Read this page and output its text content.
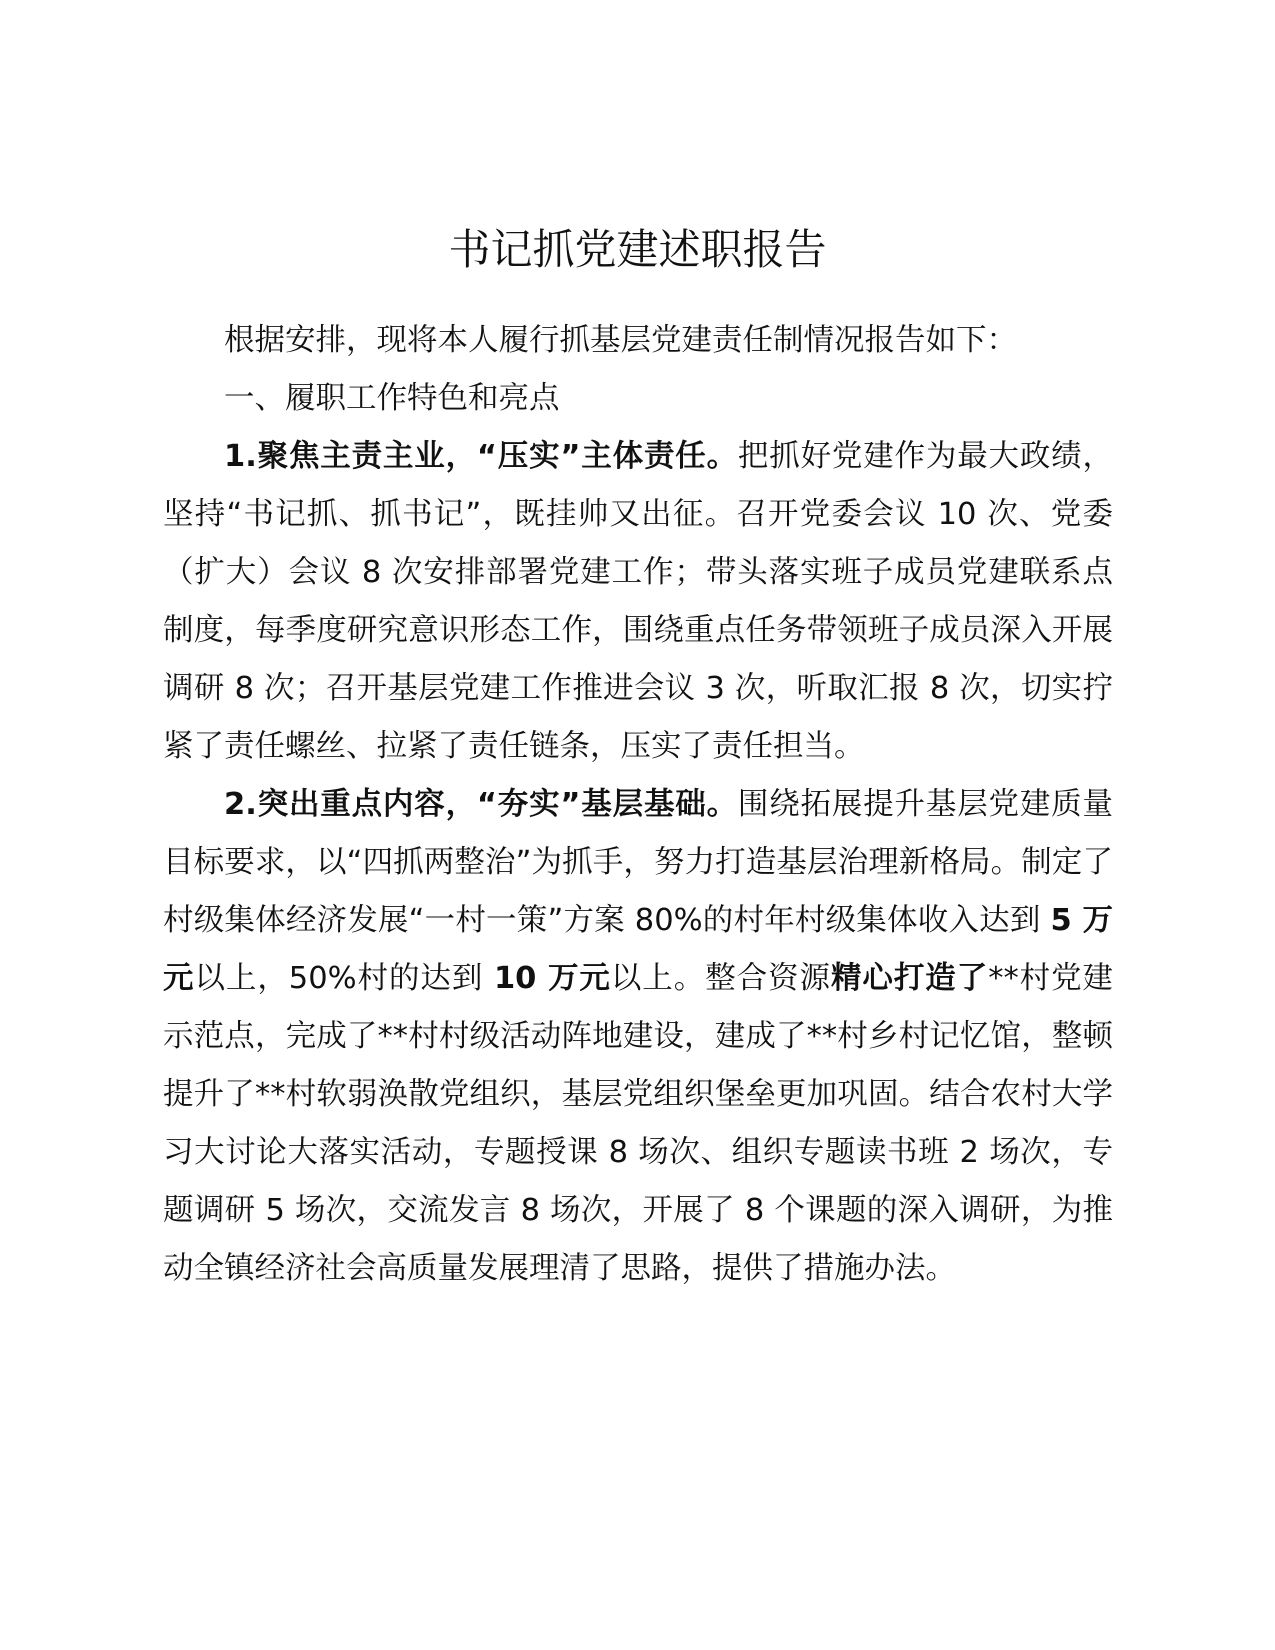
书记抓党建述职报告

根据安排，现将本人履行抓基层党建责任制情况报告如下：

一、履职工作特色和亮点

1.聚焦主责主业，“压实”主体责任。把抓好党建作为最大政绩，坚持“书记抓、抓书记”，既挂帅又出征。召开党委会议 10 次、党委（扩大）会议 8 次安排部署党建工作；带头落实班子成员党建联系点制度，每季度研究意识形态工作，围绕重点任务带领班子成员深入开展调研 8 次；召开基层党建工作推进会议 3 次，听取汇报 8 次，切实拧紧了责任螺丝、拉紧了责任链条，压实了责任担当。

2.突出重点内容，“夯实”基层基础。围绕拓展提升基层党建质量目标要求，以“四抓两整治”为抓手，努力打造基层治理新格局。制定了村级集体经济发展“一村一策”方案 80%的村年村级集体收入达到 5 万元以上，50%村的达到 10 万元以上。整合资源精心打造了**村党建示范点，完成了**村村级活动阵地建设，建成了**村乡村记忆馆，整顿提升了**村软弱涣散党组织，基层党组织堡垒更加巩固。结合农村大学习大讨论大落实活动，专题授课 8 场次、组织专题读书班 2 场次，专题调研 5 场次，交流发言 8 场次，开展了 8 个课题的深入调研，为推动全镇经济社会高质量发展理清了思路，提供了措施办法。
